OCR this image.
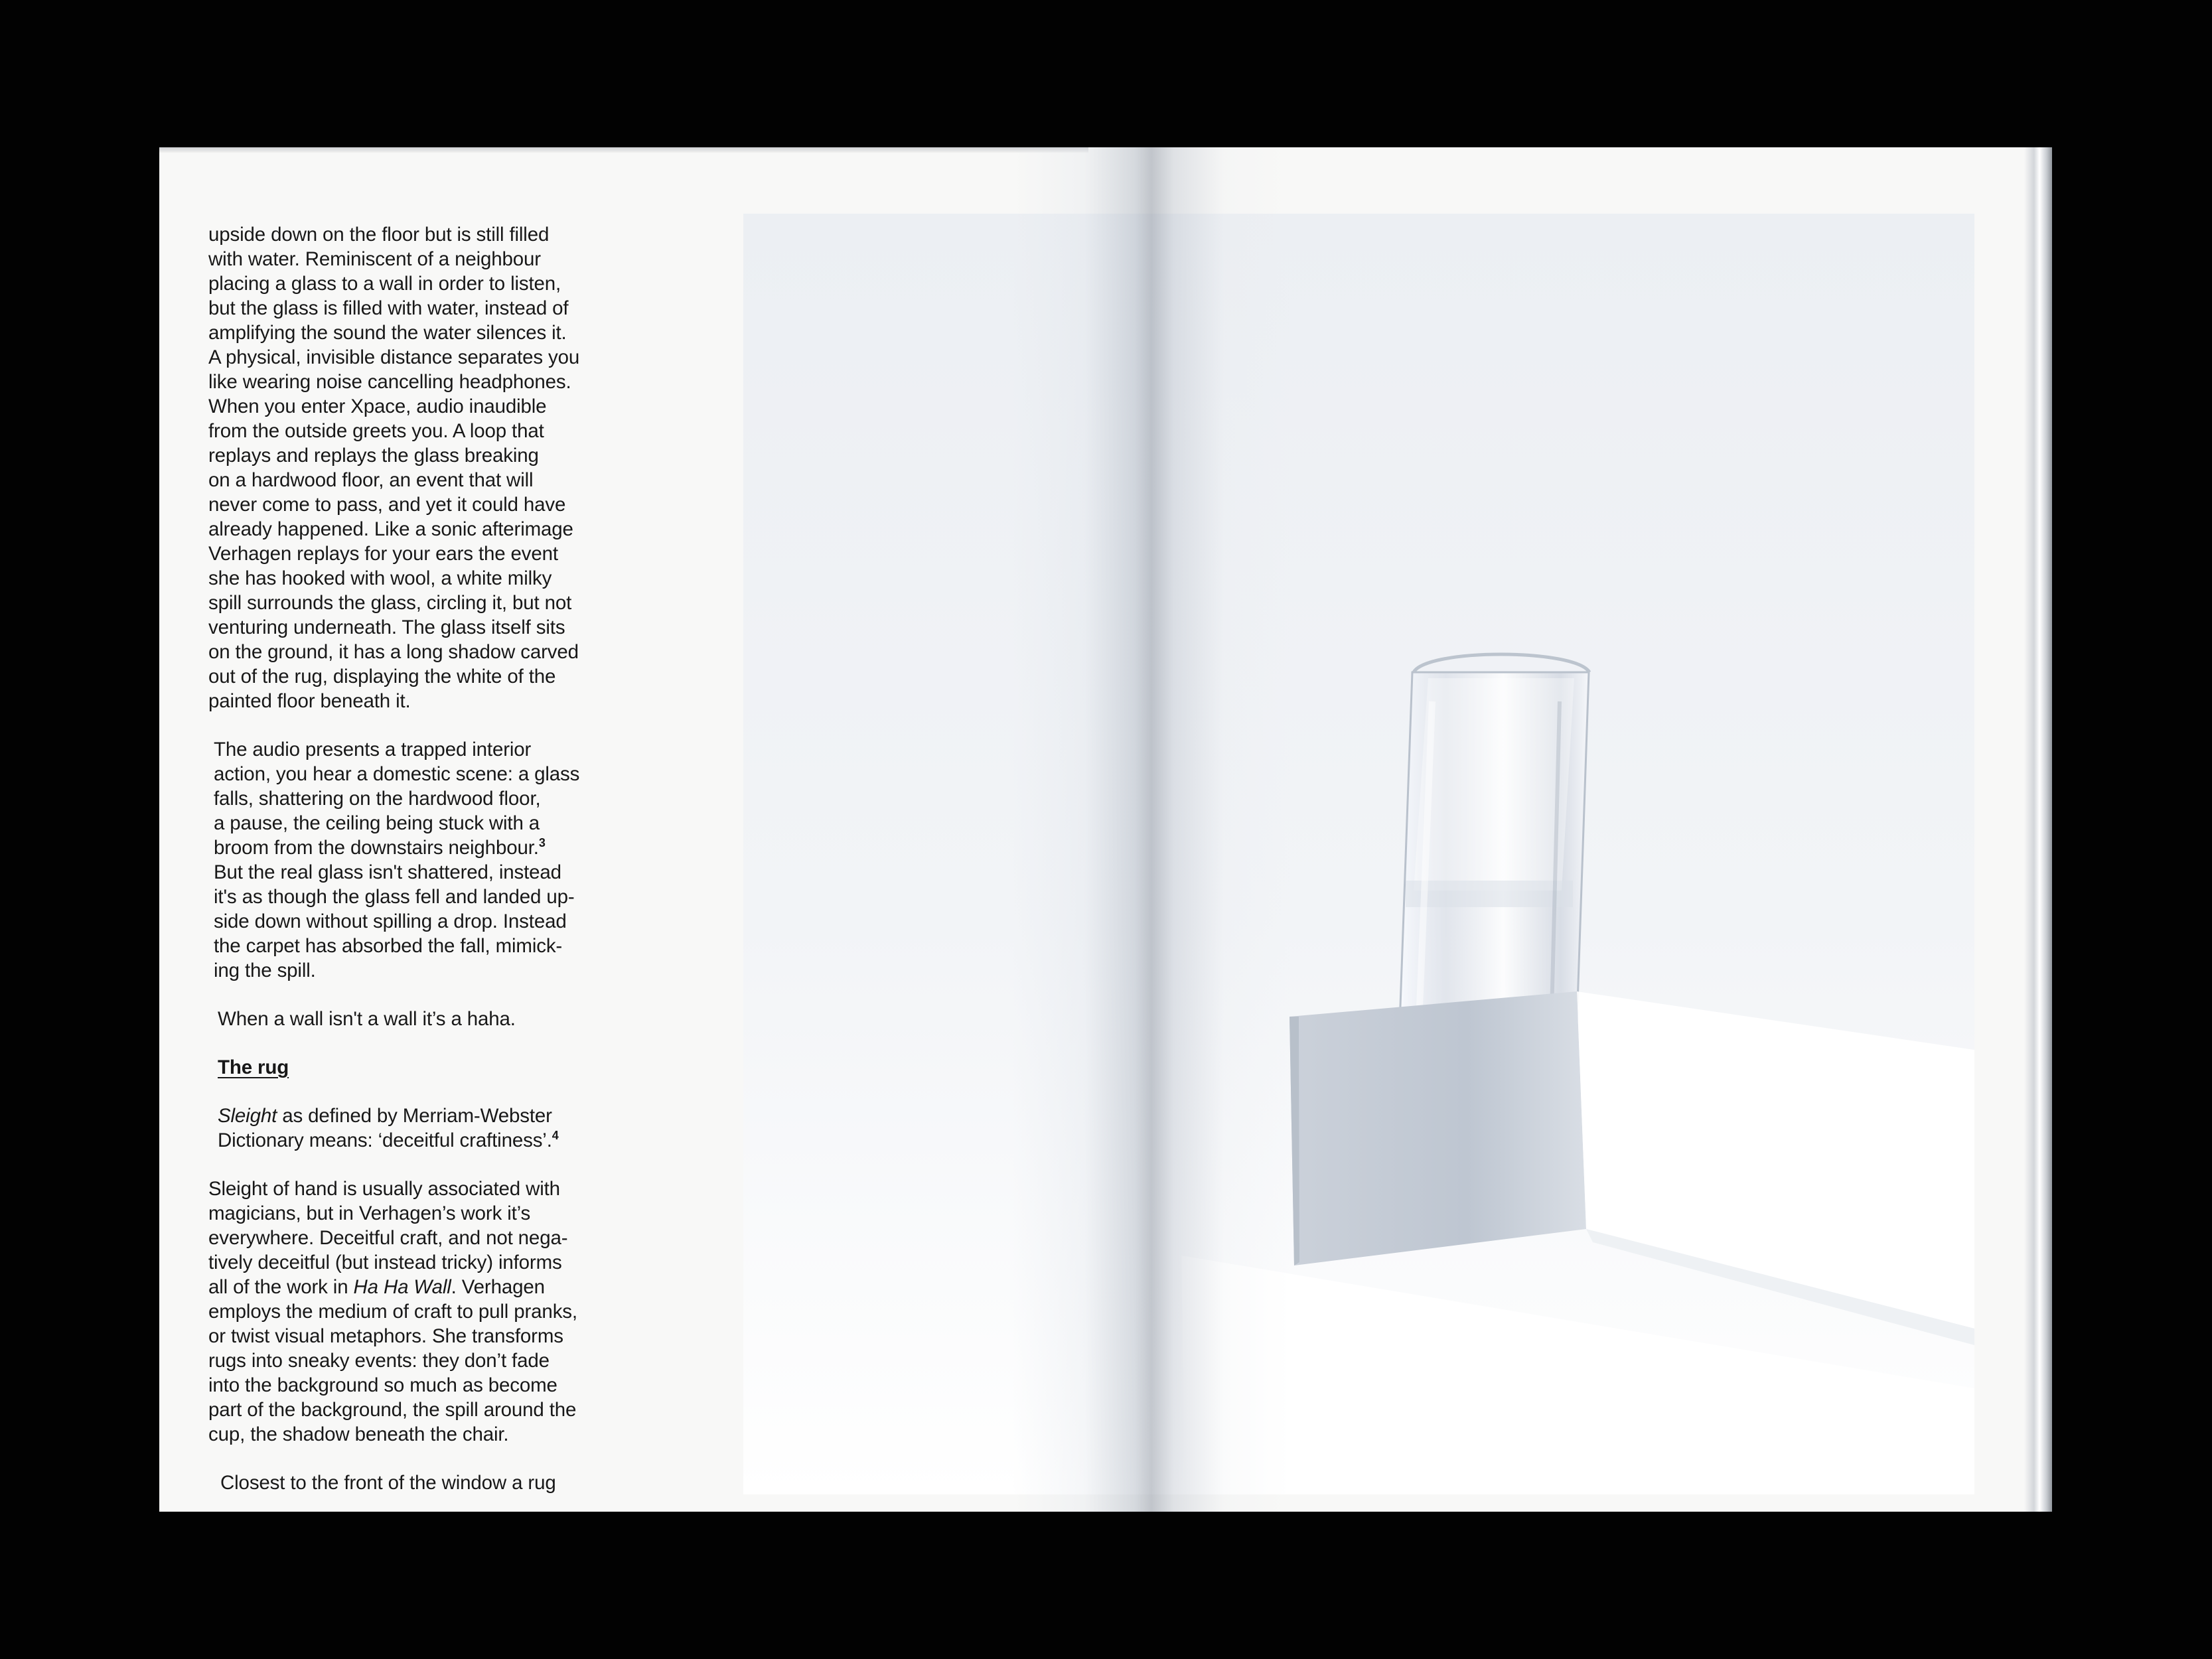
upside down on the floor but is still filled
with water. Reminiscent of a neighbour
placing a glass to a wall in order to listen,
but the glass is filled with water, instead of
amplifying the sound the water silences it.
A physical, invisible distance separates you
like wearing noise cancelling headphones.
When you enter Xpace, audio inaudible
from the outside greets you. A loop that
replays and replays the glass breaking
on a hardwood floor, an event that will
never come to pass, and yet it could have
already happened. Like a sonic afterimage
Verhagen replays for your ears the event
she has hooked with wool, a white milky
spill surrounds the glass, circling it, but not
venturing underneath. The glass itself sits
on the ground, it has a long shadow carved
out of the rug, displaying the white of the
painted floor beneath it.

The audio presents a trapped interior
action, you hear a domestic scene: a glass
falls, shattering on the hardwood floor,
a pause, the ceiling being stuck with a
broom from the downstairs neighbour.$^3$
But the real glass isn't shattered, instead
it's as though the glass fell and landed up-
side down without spilling a drop. Instead
the carpet has absorbed the fall, mimick-
ing the spill.

When a wall isn't a wall it’s a haha.

The rug

Sleight as defined by Merriam-Webster
Dictionary means: ‘deceitful craftiness’.$^4$

Sleight of hand is usually associated with
magicians, but in Verhagen’s work it’s
everywhere. Deceitful craft, and not nega-
tively deceitful (but instead tricky) informs
all of the work in Ha Ha Wall. Verhagen
employs the medium of craft to pull pranks,
or twist visual metaphors. She transforms
rugs into sneaky events: they don’t fade
into the background so much as become
part of the background, the spill around the
cup, the shadow beneath the chair.

Closest to the front of the window a rug
